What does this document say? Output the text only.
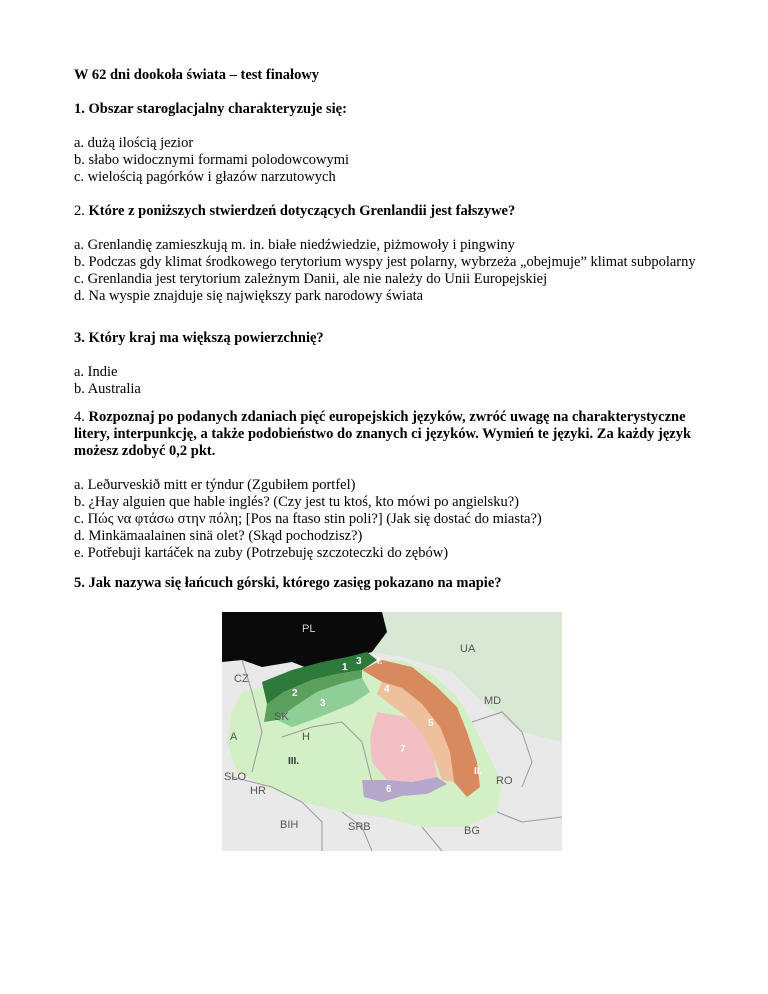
W 62 dni dookoła świata – test finałowy
1. Obszar staroglacjalny charakteryzuje się:
a. dużą ilością jezior
b. słabo widocznymi formami polodowcowymi
c. wielością pagórków i głazów narzutowych
2. Które z poniższych stwierdzeń dotyczących Grenlandii jest fałszywe?
a. Grenlandię zamieszkują m. in. białe niedźwiedzie, piżmowoły i pingwiny
b. Podczas gdy klimat środkowego terytorium wyspy jest polarny, wybrzeża „obejmuje” klimat subpolarny
c. Grenlandia jest terytorium zależnym Danii, ale nie należy do Unii Europejskiej
d. Na wyspie znajduje się największy park narodowy świata
3. Który kraj ma większą powierzchnię?
a. Indie
b. Australia
4. Rozpoznaj po podanych zdaniach pięć europejskich języków, zwróć uwagę na charakterystyczne litery, interpunkcję, a także podobieństwo do znanych ci języków. Wymień te języki. Za każdy język możesz zdobyć 0,2 pkt.
a. Leðurveskið mitt er týndur (Zgubiłem portfel)
b. ¿Hay alguien que hable inglés? (Czy jest tu ktoś, kto mówi po angielsku?)
c. Πώς να φτάσω στην πόλη; [Pos na ftaso stin poli?] (Jak się dostać do miasta?)
d. Minkämaalainen sinä olet? (Skąd pochodzisz?)
e. Potřebuji kartáček na zuby (Potrzebuję szczoteczki do zębów)
5. Jak nazywa się łańcuch górski, którego zasięg pokazano na mapie?
PL
UA
CZ
MD
SK
A	H
SLO
HR
RO
BIH	SRB	BG
I.
II.
III.
1
2
3
3
4
5
6
7
